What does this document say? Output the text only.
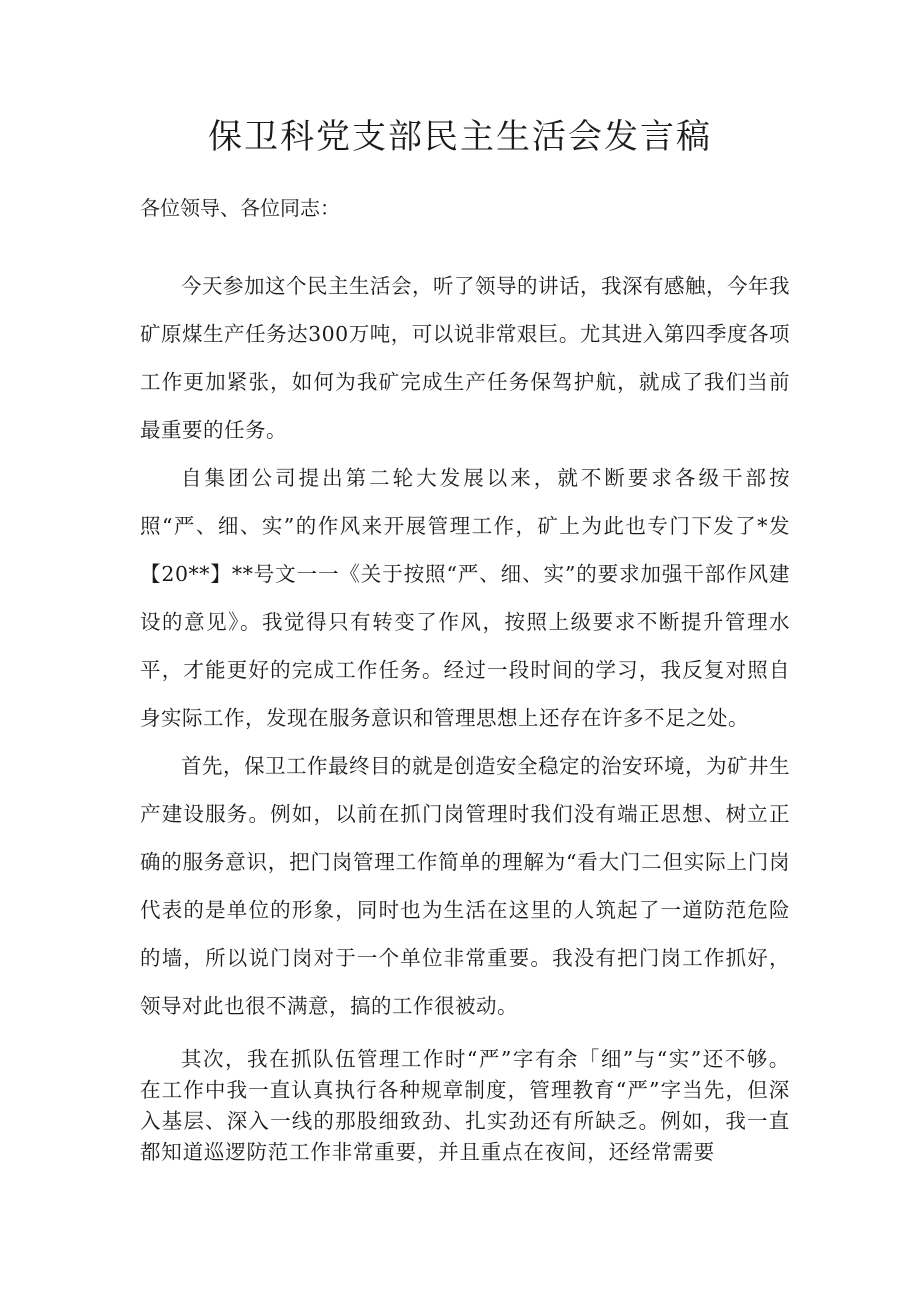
保卫科党支部民主生活会发言稿

各位领导、各位同志：

今天参加这个民主生活会，听了领导的讲话，我深有感触，今年我矿原煤生产任务达300万吨，可以说非常艰巨。尤其进入第四季度各项工作更加紧张，如何为我矿完成生产任务保驾护航，就成了我们当前最重要的任务。

自集团公司提出第二轮大发展以来，就不断要求各级干部按照“严、细、实”的作风来开展管理工作，矿上为此也专门下发了*发【20**】**号文一一《关于按照“严、细、实”的要求加强干部作风建设的意见》。我觉得只有转变了作风，按照上级要求不断提升管理水平，才能更好的完成工作任务。经过一段时间的学习，我反复对照自身实际工作，发现在服务意识和管理思想上还存在许多不足之处。

首先，保卫工作最终目的就是创造安全稳定的治安环境，为矿井生产建设服务。例如，以前在抓门岗管理时我们没有端正思想、树立正确的服务意识，把门岗管理工作简单的理解为“看大门二但实际上门岗代表的是单位的形象，同时也为生活在这里的人筑起了一道防范危险的墙，所以说门岗对于一个单位非常重要。我没有把门岗工作抓好，领导对此也很不满意，搞的工作很被动。

其次，我在抓队伍管理工作时“严”字有余「细”与“实”还不够。在工作中我一直认真执行各种规章制度，管理教育“严”字当先，但深入基层、深入一线的那股细致劲、扎实劲还有所缺乏。例如，我一直都知道巡逻防范工作非常重要，并且重点在夜间，还经常需要
